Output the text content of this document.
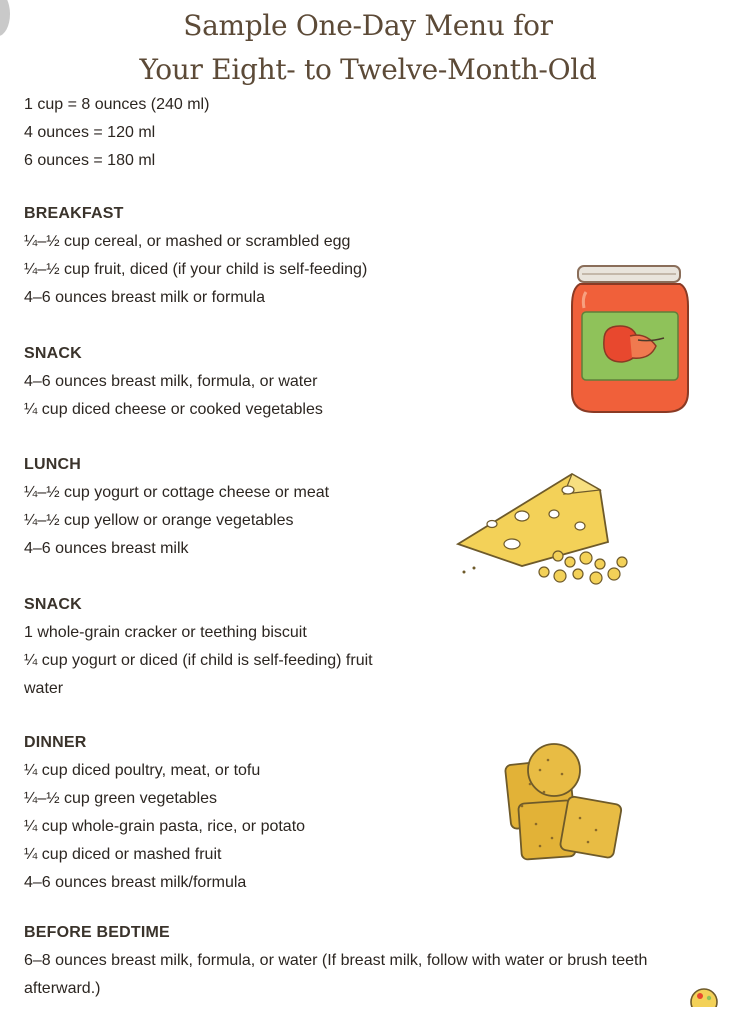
Sample One-Day Menu for
Your Eight- to Twelve-Month-Old
1 cup = 8 ounces (240 ml)
4 ounces = 120 ml
6 ounces = 180 ml
BREAKFAST
¼–½ cup cereal, or mashed or scrambled egg
¼–½ cup fruit, diced (if your child is self-feeding)
4–6 ounces breast milk or formula
SNACK
4–6 ounces breast milk, formula, or water
¼ cup diced cheese or cooked vegetables
LUNCH
¼–½ cup yogurt or cottage cheese or meat
¼–½ cup yellow or orange vegetables
4–6 ounces breast milk
SNACK
1 whole-grain cracker or teething biscuit
¼ cup yogurt or diced (if child is self-feeding) fruit
water
DINNER
¼ cup diced poultry, meat, or tofu
¼–½ cup green vegetables
¼ cup whole-grain pasta, rice, or potato
¼ cup diced or mashed fruit
4–6 ounces breast milk/formula
BEFORE BEDTIME
6–8 ounces breast milk, formula, or water (If breast milk, follow with water or brush teeth afterward.)
